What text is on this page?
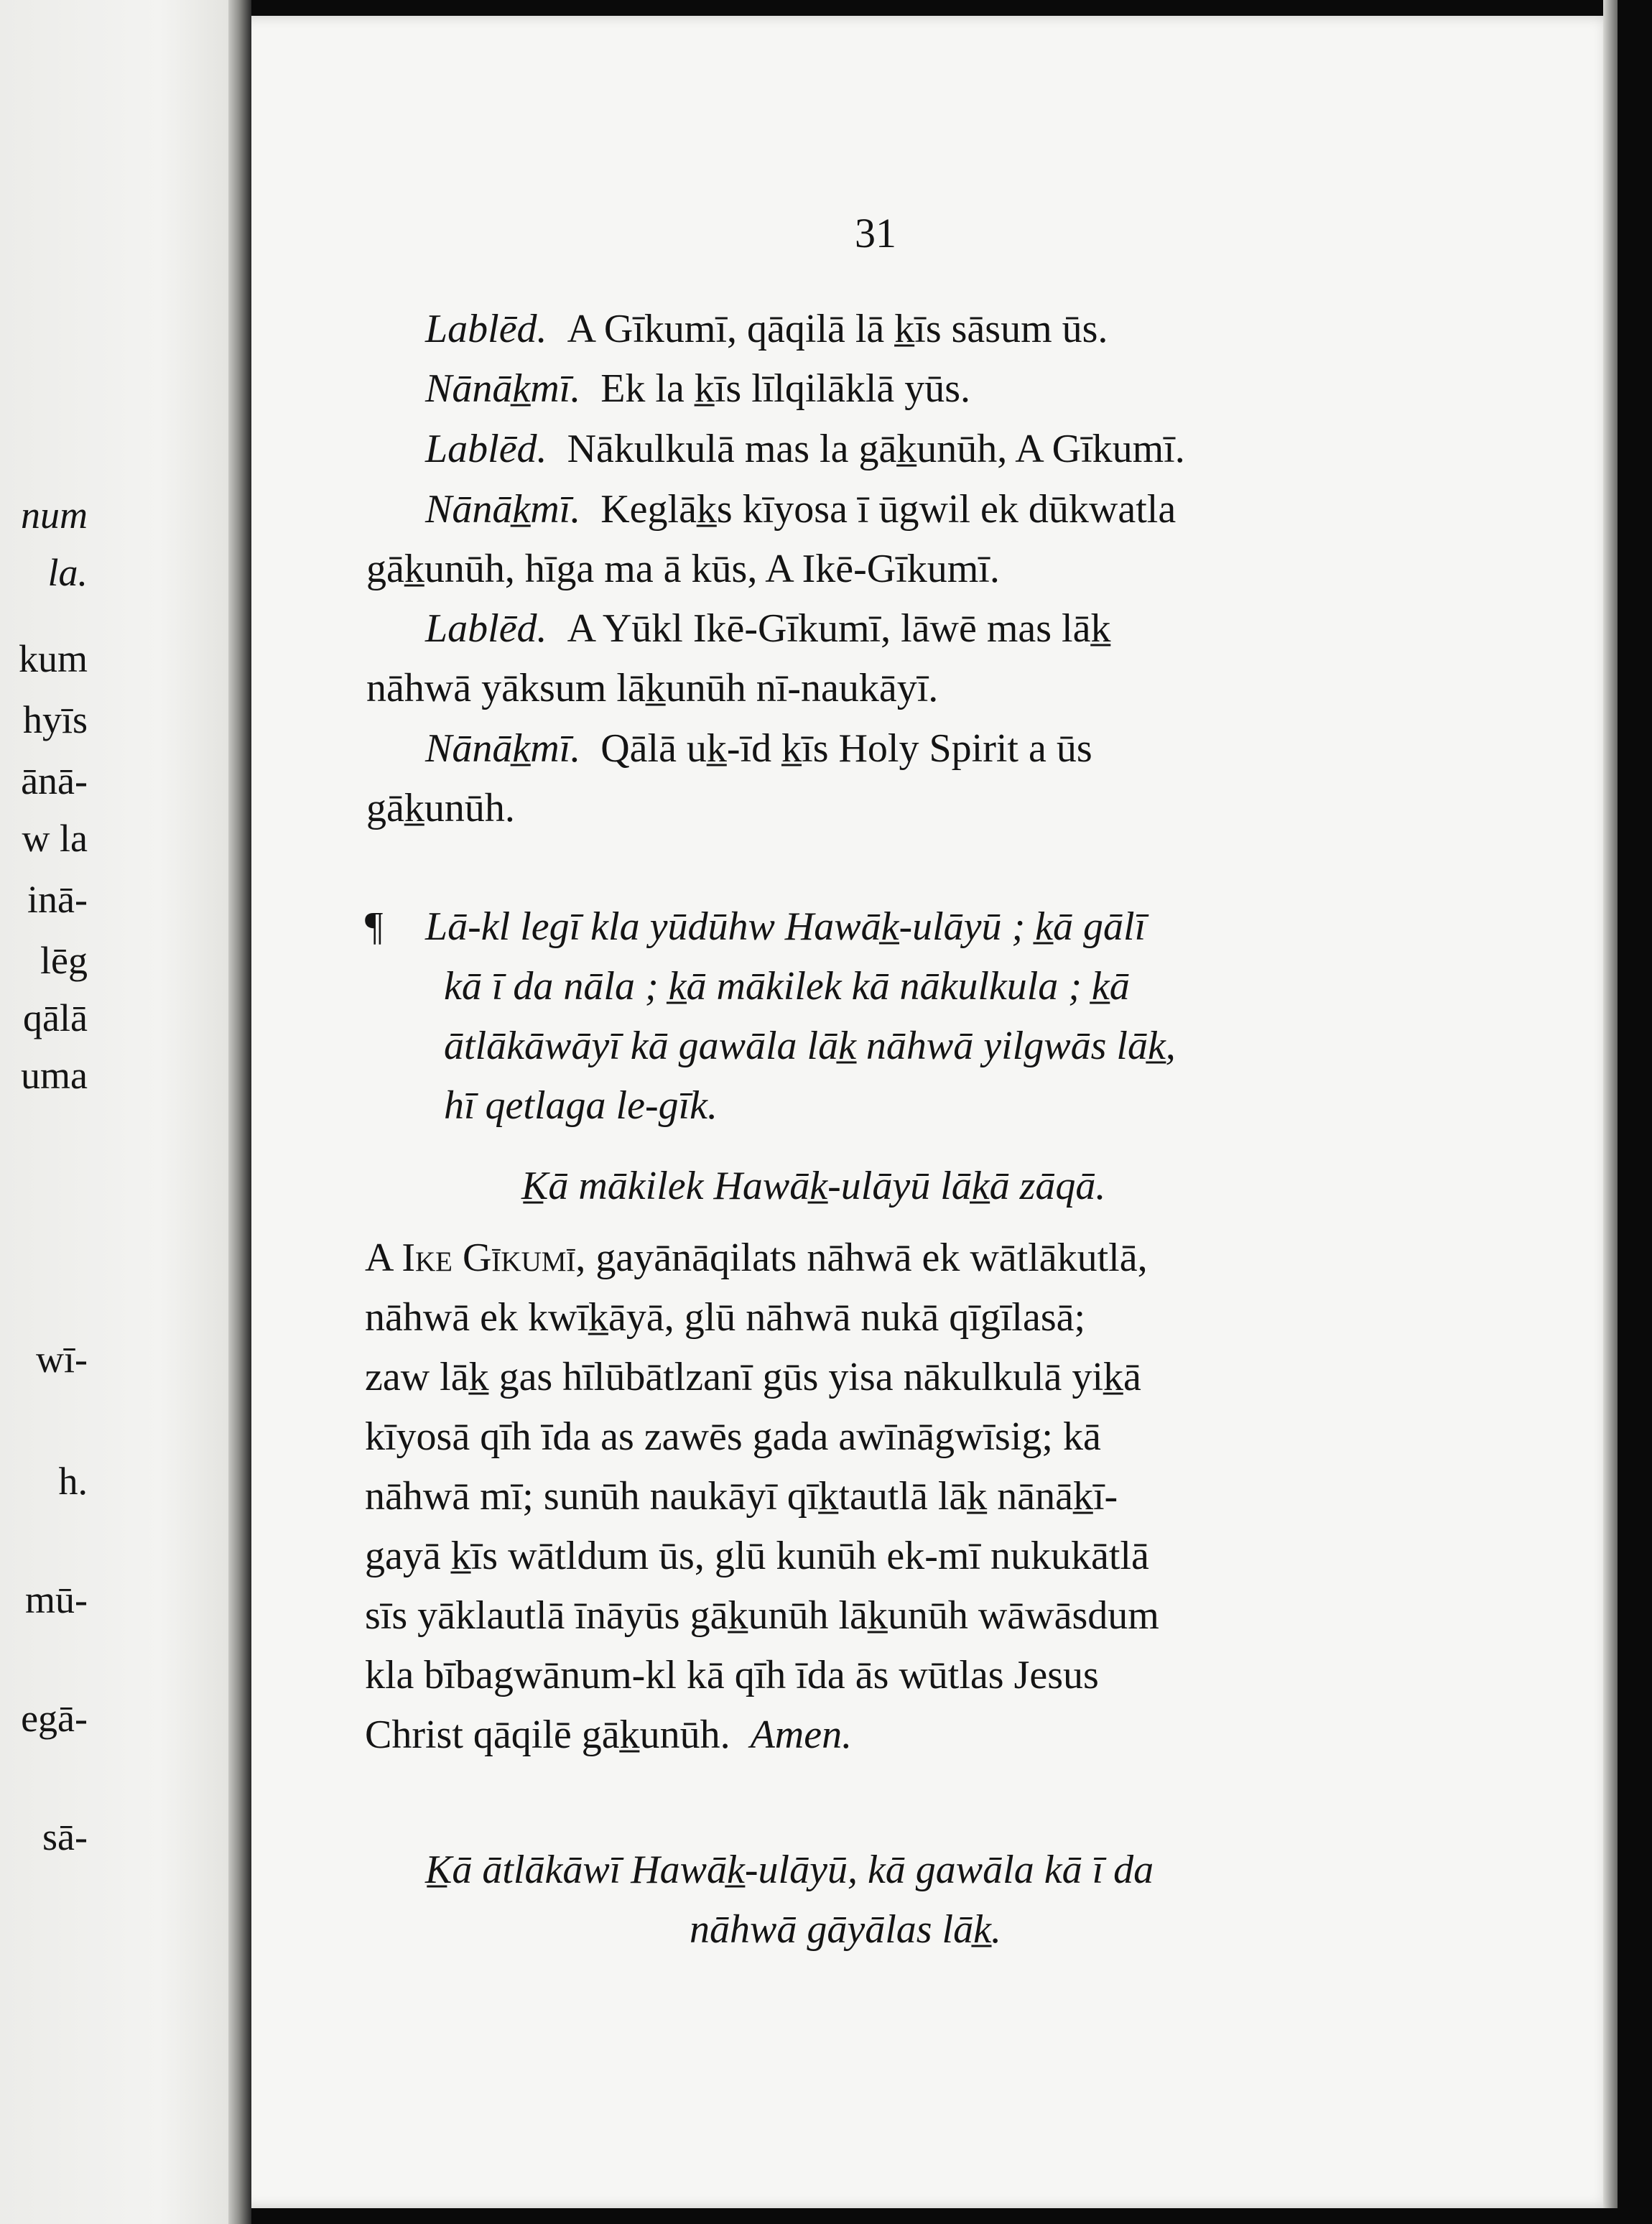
num
la.
kum
hyīs
ānā-
w la
inā-
lēg
qālā
uma
wī-
h.
mū-
egā-
sā-
31
Lablēd. A Gīkumī, qāqilā lā k̲īs sāsum ūs.
Nānāk̲mī. Ek la k̲īs līlqilāklā yūs.
Lablēd. Nākulkulā mas la gāk̲unūh, A Gīkumī.
Nānāk̲mī. Keglāk̲s kīyosa ī ūgwil ek dūkwatla
gāk̲unūh, hīga ma ā kūs, A Ikē-Gīkumī.
Lablēd. A Yūkl Ikē-Gīkumī, lāwē mas lāk̲
nāhwā yāksum lāk̲unūh nī-naukāyī.
Nānāk̲mī. Qālā uk̲-īd k̲īs Holy Spirit a ūs
gāk̲unūh.
¶ Lā-kl legī kla yūdūhw Hawāk̲-ulāyū ; k̲ā gālī
kā ī da nāla ; k̲ā mākilek kā nākulkula ; k̲ā
ātlākāwāyī kā gawāla lāk̲ nāhwā yilgwās lāk̲,
hī qetlaga le-gīk.
K̲ā mākilek Hawāk̲-ulāyū lāk̲ā zāqā.
A Ike Gīkumī, gayānāqilats nāhwā ek wātlākutlā,
nāhwā ek kwīk̲āyā, glū nāhwā nukā qīgīlasā;
zaw lāk̲ gas hīlūbātlzanī gūs yisa nākulkulā yik̲ā
kīyosā qīh īda as zawēs gada awīnāgwīsig; kā
nāhwā mī; sunūh naukāyī qīk̲tautlā lāk̲ nānāk̲ī-
gayā k̲īs wātldum ūs, glū kunūh ek-mī nukukātlā
sīs yāklautlā īnāyūs gāk̲unūh lāk̲unūh wāwāsdum
kla bībagwānum-kl kā qīh īda ās wūtlas Jesus
Christ qāqilē gāk̲unūh. Amen.
K̲ā ātlākāwī Hawāk̲-ulāyū, kā gawāla kā ī da
nāhwā gāyālas lāk̲.
